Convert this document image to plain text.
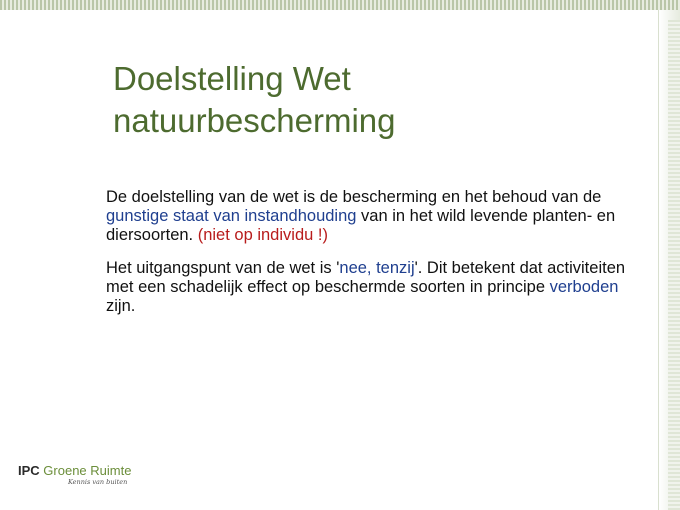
Doelstelling Wet
natuurbescherming

De doelstelling van de wet is de bescherming en het behoud van de gunstige staat van instandhouding van in het wild levende planten- en diersoorten. (niet op individu !)

Het uitgangspunt van de wet is 'nee, tenzij'. Dit betekent dat activiteiten met een schadelijk effect op beschermde soorten in principe verboden zijn.

IPC Groene Ruimte
Kennis van buiten
